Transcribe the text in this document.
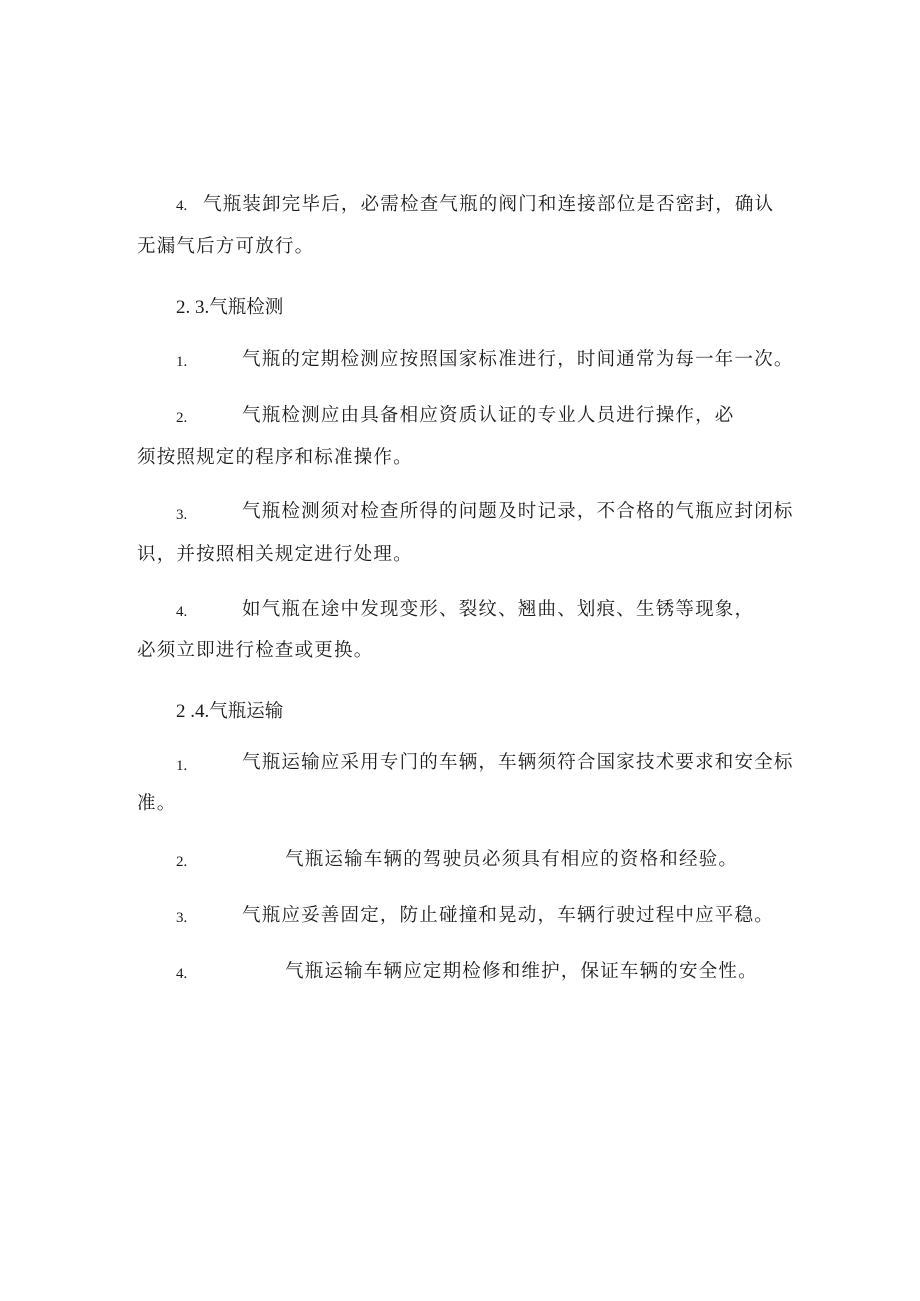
4. 气瓶装卸完毕后，必需检查气瓶的阀门和连接部位是否密封，确认
无漏气后方可放行。
2. 3.气瓶检测
1.	气瓶的定期检测应按照国家标准进行，时间通常为每一年一次。
2.	气瓶检测应由具备相应资质认证的专业人员进行操作，必
须按照规定的程序和标准操作。
3.	气瓶检测须对检查所得的问题及时记录，不合格的气瓶应封闭标
识，并按照相关规定进行处理。
4.	如气瓶在途中发现变形、裂纹、翘曲、划痕、生锈等现象，
必须立即进行检查或更换。
2 .4.气瓶运输
1.	气瓶运输应采用专门的车辆，车辆须符合国家技术要求和安全标
准。
2.	气瓶运输车辆的驾驶员必须具有相应的资格和经验。
3.	气瓶应妥善固定，防止碰撞和晃动，车辆行驶过程中应平稳。
4.	气瓶运输车辆应定期检修和维护，保证车辆的安全性。
